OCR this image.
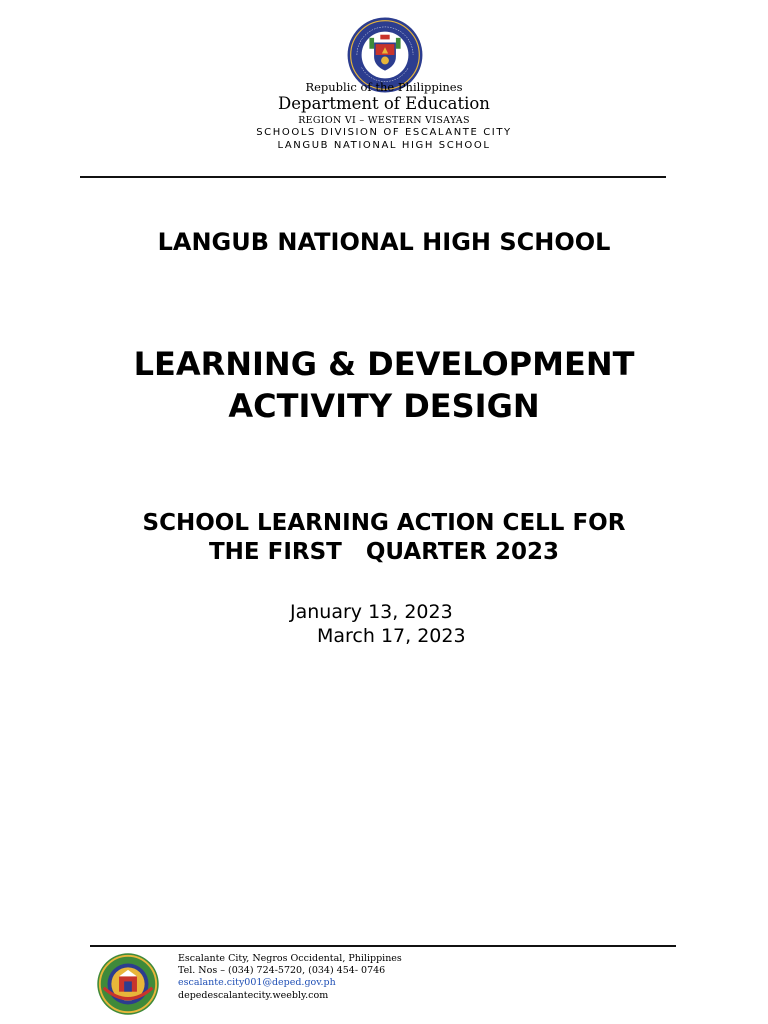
Republic of the Philippines
Department of Education
REGION VI – WESTERN VISAYAS
SCHOOLS DIVISION OF ESCALANTE CITY
LANGUB NATIONAL HIGH SCHOOL
LANGUB NATIONAL HIGH SCHOOL
LEARNING & DEVELOPMENT
ACTIVITY DESIGN
SCHOOL LEARNING ACTION CELL FOR
THE FIRST   QUARTER 2023
January 13, 2023
March 17, 2023
Escalante City, Negros Occidental, Philippines
Tel. Nos – (034) 724-5720, (034) 454- 0746
escalante.city001@deped.gov.ph
depedescalantecity.weebly.com
